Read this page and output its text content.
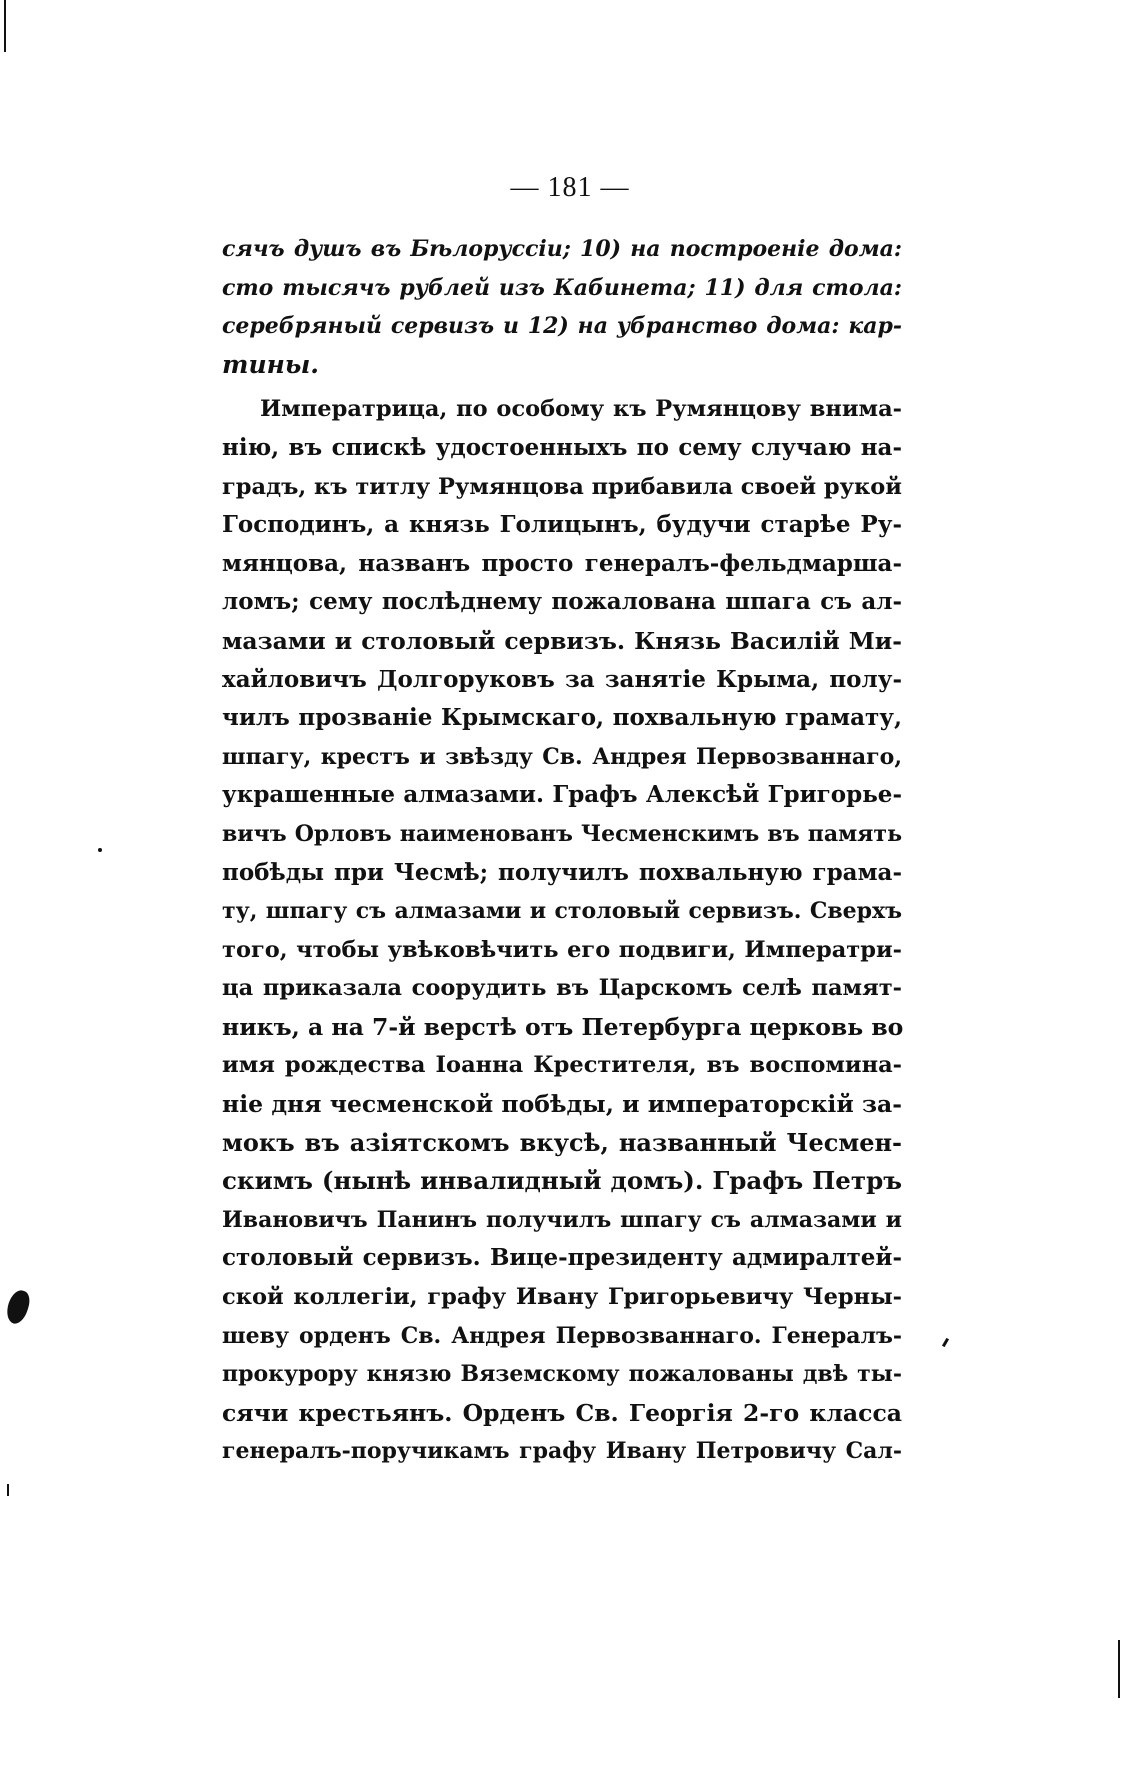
— 181 —
сячъ душъ въ Бѣлоруссіи; 10) на построеніе дома:
сто тысячъ рублей изъ Кабинета; 11) для стола:
серебряный сервизъ и 12) на убранство дома: кар-
тины.
Императрица, по особому къ Румянцову внима-
нію, въ спискѣ удостоенныхъ по сему случаю на-
градъ, къ титлу Румянцова прибавила своей рукой
Господинъ, а князь Голицынъ, будучи старѣе Ру-
мянцова, названъ просто генералъ-фельдмарша-
ломъ; сему послѣднему пожалована шпага съ ал-
мазами и столовый сервизъ. Князь Василій Ми-
хайловичъ Долгоруковъ за занятіе Крыма, полу-
чилъ прозваніе Крымскаго, похвальную грамату,
шпагу, крестъ и звѣзду Св. Андрея Первозваннаго,
украшенные алмазами. Графъ Алексѣй Григорье-
вичъ Орловъ наименованъ Чесменскимъ въ память
побѣды при Чесмѣ; получилъ похвальную грама-
ту, шпагу съ алмазами и столовый сервизъ. Сверхъ
того, чтобы увѣковѣчить его подвиги, Императри-
ца приказала соорудить въ Царскомъ селѣ памят-
никъ, а на 7-й верстѣ отъ Петербурга церковь во
имя рождества Іоанна Крестителя, въ воспомина-
ніе дня чесменской побѣды, и императорскій за-
мокъ въ азіятскомъ вкусѣ, названный Чесмен-
скимъ (нынѣ инвалидный домъ). Графъ Петръ
Ивановичъ Панинъ получилъ шпагу съ алмазами и
столовый сервизъ. Вице-президенту адмиралтей-
ской коллегіи, графу Ивану Григорьевичу Черны-
шеву орденъ Св. Андрея Первозваннаго. Генералъ-
прокурору князю Вяземскому пожалованы двѣ ты-
сячи крестьянъ. Орденъ Св. Георгія 2-го класса
генералъ-поручикамъ графу Ивану Петровичу Сал-
